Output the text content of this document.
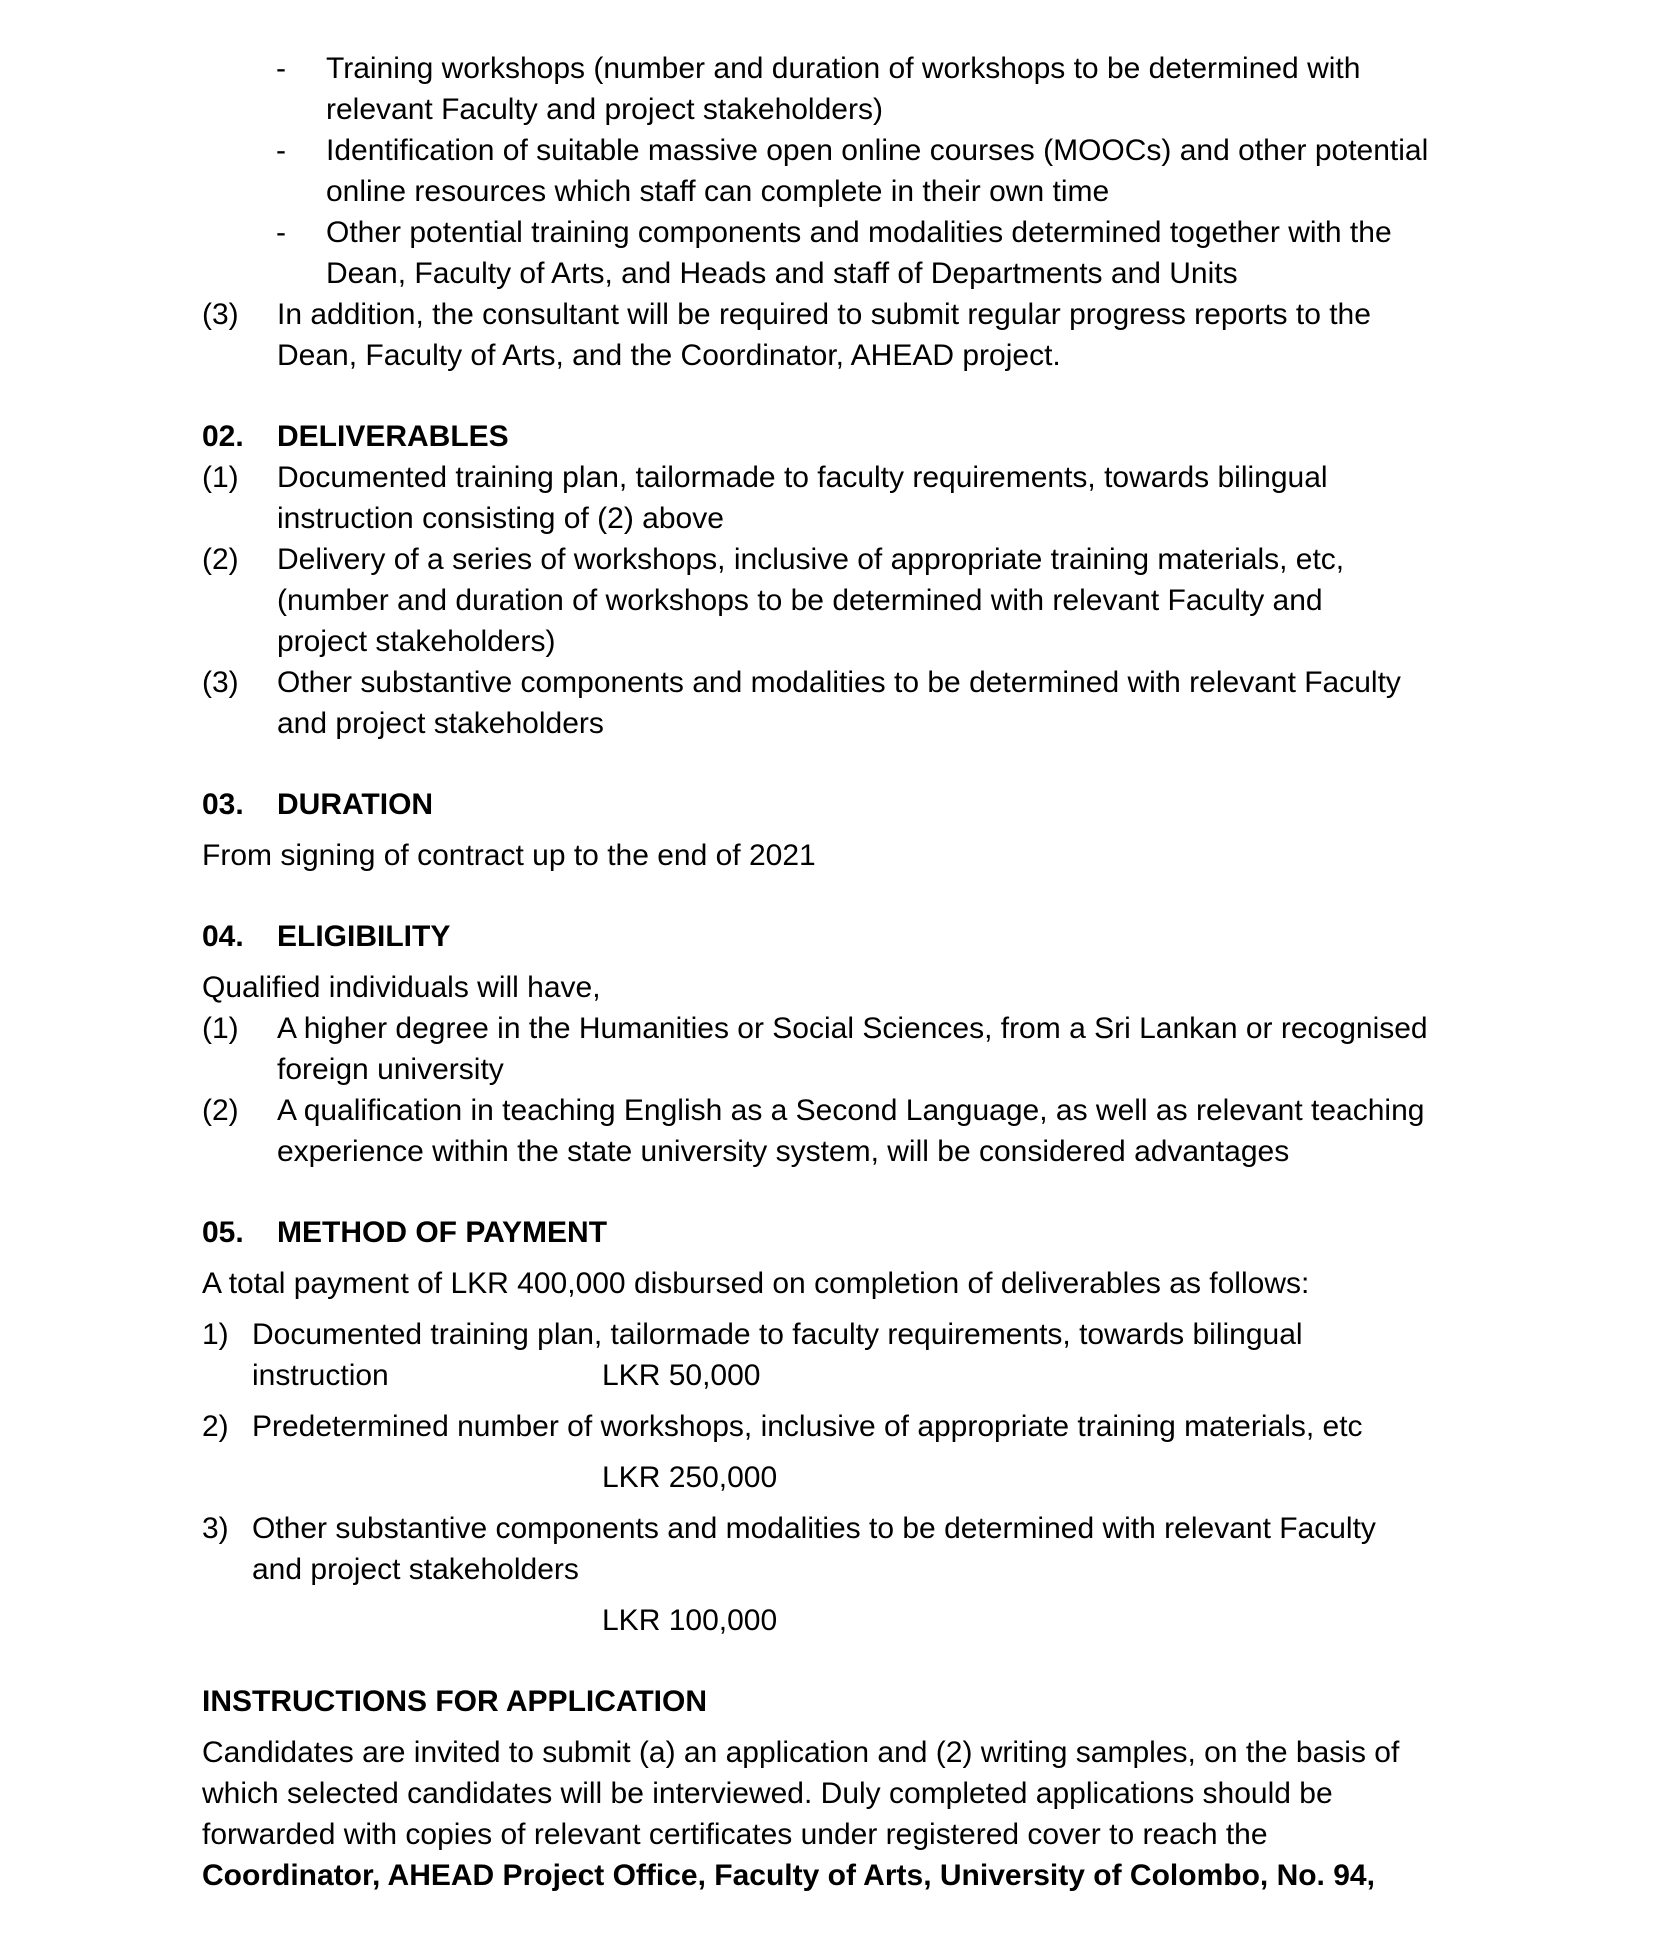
-	Training workshops (number and duration of workshops to be determined with
relevant Faculty and project stakeholders)
-	Identification of suitable massive open online courses (MOOCs) and other potential
online resources which staff can complete in their own time
-	Other potential training components and modalities determined together with the
Dean, Faculty of Arts, and Heads and staff of Departments and Units
(3)	In addition, the consultant will be required to submit regular progress reports to the
Dean, Faculty of Arts, and the Coordinator, AHEAD project.
02.	DELIVERABLES
(1)	Documented training plan, tailormade to faculty requirements, towards bilingual
instruction consisting of (2) above
(2)	Delivery of a series of workshops, inclusive of appropriate training materials, etc,
(number and duration of workshops to be determined with relevant Faculty and
project stakeholders)
(3)	Other substantive components and modalities to be determined with relevant Faculty
and project stakeholders
03.	DURATION
From signing of contract up to the end of 2021
04.	ELIGIBILITY
Qualified individuals will have,
(1)	A higher degree in the Humanities or Social Sciences, from a Sri Lankan or recognised
foreign university
(2)	A qualification in teaching English as a Second Language, as well as relevant teaching
experience within the state university system, will be considered advantages
05.	METHOD OF PAYMENT
A total payment of LKR 400,000 disbursed on completion of deliverables as follows:
1) Documented training plan, tailormade to faculty requirements, towards bilingual
instruction	LKR 50,000
2) Predetermined number of workshops, inclusive of appropriate training materials, etc
LKR 250,000
3) Other substantive components and modalities to be determined with relevant Faculty
and project stakeholders
LKR 100,000
INSTRUCTIONS FOR APPLICATION
Candidates are invited to submit (a) an application and (2) writing samples, on the basis of
which selected candidates will be interviewed. Duly completed applications should be
forwarded with copies of relevant certificates under registered cover to reach the
Coordinator, AHEAD Project Office, Faculty of Arts, University of Colombo, No. 94,
